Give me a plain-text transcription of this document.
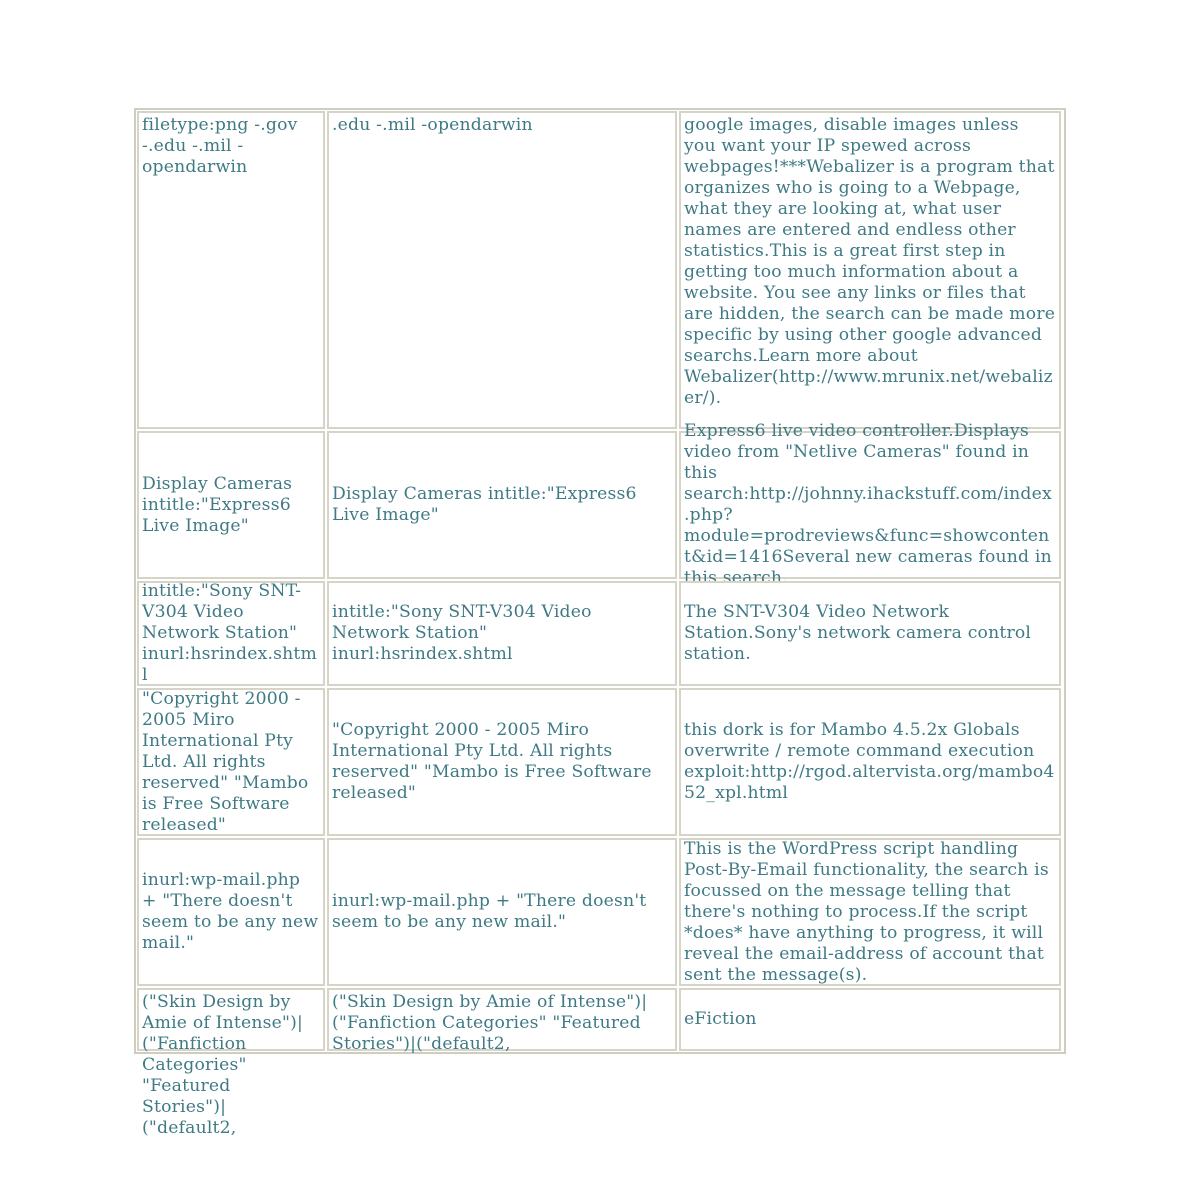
filetype:png -.gov -.edu -.mil -opendarwin
.edu -.mil -opendarwin	google images, disable images unless you want your IP spewed across webpages!***Webalizer is a program that organizes who is going to a Webpage, what they are looking at, what user names are entered and endless other statistics.This is a great first step in getting too much information about a website. You see any links or files that are hidden, the search can be made more specific by using other google advanced searchs.Learn more about Webalizer(http://www.mrunix.net/webalizer/).
Display Cameras intitle:"Express6 Live Image"
Display Cameras intitle:"Express6 Live Image"
Express6 live video controller.Displays video from "Netlive Cameras" found in this search:http://johnny.ihackstuff.com/index.php?module=prodreviews&func=showcontent&id=1416Several new cameras found in this search.
intitle:"Sony SNT-V304 Video Network Station" inurl:hsrindex.shtml
intitle:"Sony SNT-V304 Video Network Station" inurl:hsrindex.shtml
The SNT-V304 Video Network Station.Sony's network camera control station.
"Copyright 2000 - 2005 Miro International Pty Ltd. All rights reserved" "Mambo is Free Software released"
"Copyright 2000 - 2005 Miro International Pty Ltd. All rights reserved" "Mambo is Free Software released"
this dork is for Mambo 4.5.2x Globals overwrite / remote command execution exploit:http://rgod.altervista.org/mambo452_xpl.html
inurl:wp-mail.php + "There doesn't seem to be any new mail."
inurl:wp-mail.php + "There doesn't seem to be any new mail."
This is the WordPress script handling Post-By-Email functionality, the search is focussed on the message telling that there's nothing to process.If the script *does* have anything to progress, it will reveal the email-address of account that sent the message(s).
("Skin Design by Amie of Intense")|("Fanfiction Categories" "Featured Stories")|("default2,
("Skin Design by Amie of Intense")|("Fanfiction Categories" "Featured Stories")|("default2,
eFiction
